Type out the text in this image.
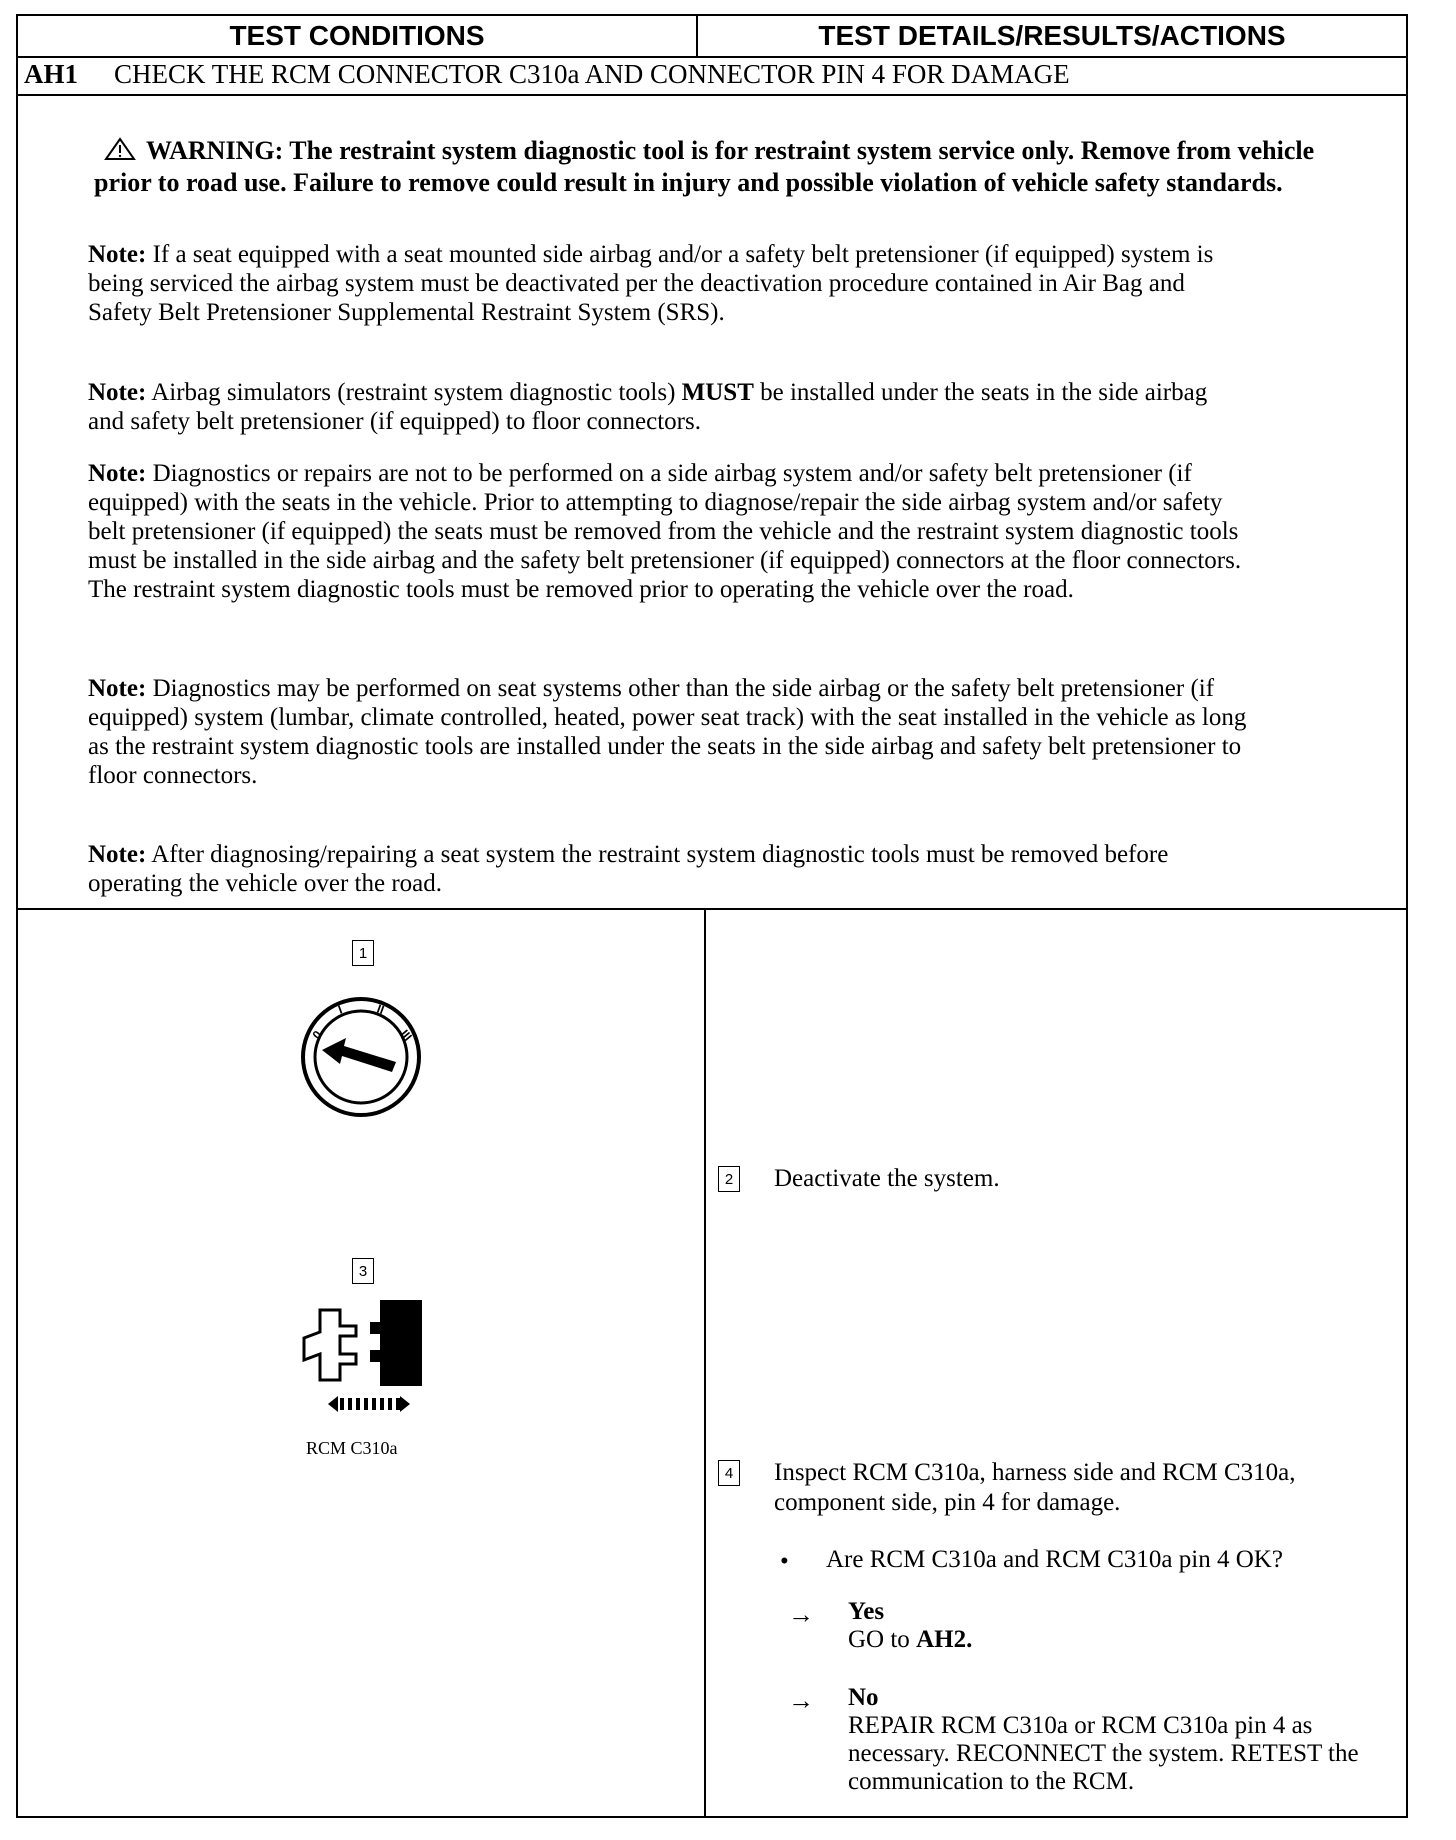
TEST CONDITIONS	TEST DETAILS/RESULTS/ACTIONS
AH1 CHECK THE RCM CONNECTOR C310a AND CONNECTOR PIN 4 FOR DAMAGE
WARNING: The restraint system diagnostic tool is for restraint system service only. Remove from vehicle prior to road use. Failure to remove could result in injury and possible violation of vehicle safety standards.
Note: If a seat equipped with a seat mounted side airbag and/or a safety belt pretensioner (if equipped) system is being serviced the airbag system must be deactivated per the deactivation procedure contained in Air Bag and Safety Belt Pretensioner Supplemental Restraint System (SRS).
Note: Airbag simulators (restraint system diagnostic tools) MUST be installed under the seats in the side airbag and safety belt pretensioner (if equipped) to floor connectors.
Note: Diagnostics or repairs are not to be performed on a side airbag system and/or safety belt pretensioner (if equipped) with the seats in the vehicle. Prior to attempting to diagnose/repair the side airbag system and/or safety belt pretensioner (if equipped) the seats must be removed from the vehicle and the restraint system diagnostic tools must be installed in the side airbag and the safety belt pretensioner (if equipped) connectors at the floor connectors. The restraint system diagnostic tools must be removed prior to operating the vehicle over the road.
Note: Diagnostics may be performed on seat systems other than the side airbag or the safety belt pretensioner (if equipped) system (lumbar, climate controlled, heated, power seat track) with the seat installed in the vehicle as long as the restraint system diagnostic tools are installed under the seats in the side airbag and safety belt pretensioner to floor connectors.
Note: After diagnosing/repairing a seat system the restraint system diagnostic tools must be removed before operating the vehicle over the road.
1
0
I	II
III
3
RCM C310a
2 Deactivate the system.
4 Inspect RCM C310a, harness side and RCM C310a, component side, pin 4 for damage.
• Are RCM C310a and RCM C310a pin 4 OK?
→ Yes
GO to AH2.
→ No
REPAIR RCM C310a or RCM C310a pin 4 as necessary. RECONNECT the system. RETEST the communication to the RCM.
